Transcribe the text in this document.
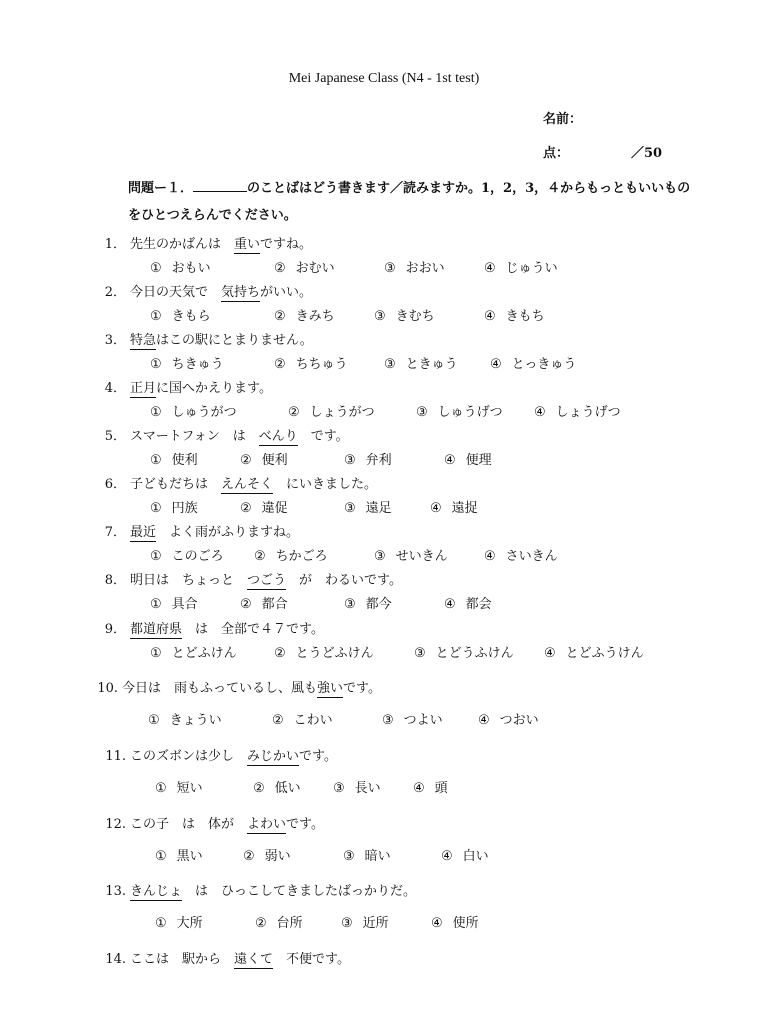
Mei Japanese Class (N4 - 1st test)
名前：
点：	／50
問題ー１．	のことばはどう書きます／読みますか。1，2，3，４からもっともいいものをひとつえらんでください。
1． 先生のかばんは　重いですね。
① おもい	② おむい	③ おおい	④ じゅうい
2． 今日の天気で　気持ちがいい。
① きもら	② きみち	③ きむち	④ きもち
3． 特急はこの駅にとまりません。
① ちきゅう	② ちちゅう	③ ときゅう ④ とっきゅう
4． 正月に国へかえります。
① しゅうがつ	② しょうがつ	③ しゅうげつ ④ しょうげつ
5． スマートフォン　は　べんり　です。
① 使利	② 便利	③ 弁利	④ 便理
6． 子どもだちは　えんそく　にいきました。
① 円族	② 違促	③ 遠足	④ 遠捉
7． 最近　よく雨がふりますね。
① このごろ ② ちかごろ	③ せいきん	④ さいきん
8． 明日は　ちょっと　つごう　が　わるいです。
① 具合	② 都合	③ 都今	④ 都会
9． 都道府県　は　全部で４７です。
① とどふけん	② とうどふけん	③ とどうふけん ④ とどふうけん
10. 今日は　雨もふっているし、風も強いです。
① きょうい	② こわい	③ つよい	④ つおい
11. このズボンは少し　みじかいです。
① 短い	② 低い ③ 長い ④ 頭
12. この子　は　体が　よわいです。
① 黒い	② 弱い	③ 暗い	④ 白い
13. きんじょ　は　ひっこしてきましたばっかりだ。
① 大所	② 台所	③ 近所	④ 使所
14. ここは　駅から　遠くて　不便です。
